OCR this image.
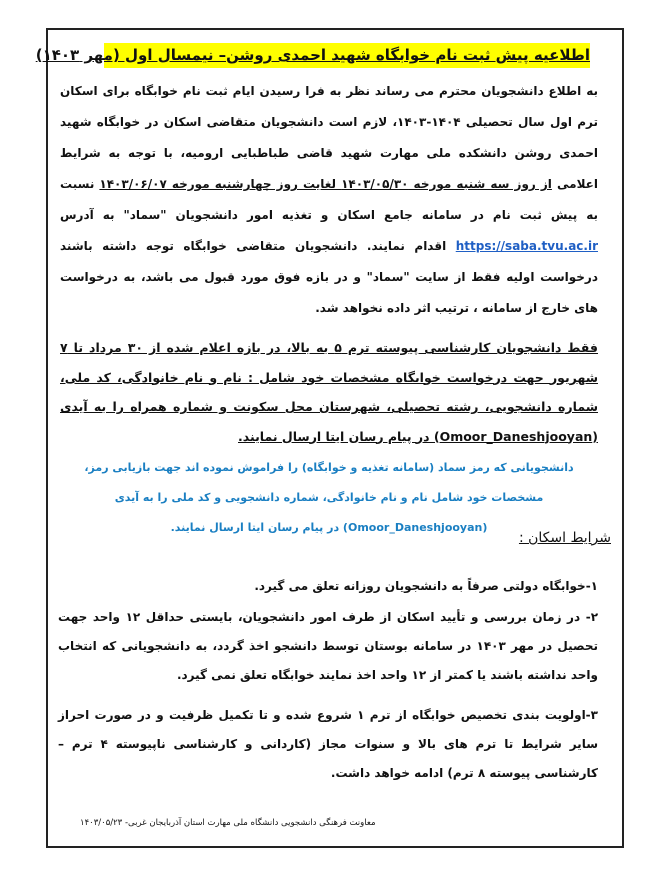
اطلاعیه پیش ثبت نام خوابگاه شهید احمدی روشن– نیمسال اول (مهر ۱۴۰۳)
به اطلاع دانشجویان محترم می رساند نظر به فرا رسیدن ایام ثبت نام خوابگاه برای اسکان ترم اول سال تحصیلی ۱۴۰۴-۱۴۰۳، لازم است دانشجویان متقاضی اسکان در خوابگاه شهید احمدی روشن دانشکده ملی مهارت شهید قاضی طباطبایی ارومیه، با توجه به شرایط اعلامی از روز سه شنبه مورخه ۱۴۰۳/۰۵/۳۰ لغایت روز چهارشنبه مورخه ۱۴۰۳/۰۶/۰۷ نسبت به پیش ثبت نام در سامانه جامع اسکان و تغذیه امور دانشجویان "سماد" به آدرس https://saba.tvu.ac.ir اقدام نمایند. دانشجویان متقاضی خوابگاه توجه داشته باشند درخواست اولیه فقط از سایت "سماد" و در بازه فوق مورد قبول می باشد، به درخواست های خارج از سامانه ، ترتیب اثر داده نخواهد شد.
فقط دانشجویان کارشناسی پیوسته ترم ۵ به بالا، در بازه اعلام شده از ۳۰ مرداد تا ۷ شهریور جهت درخواست خوابگاه مشخصات خود شامل : نام و نام خانوادگی، کد ملی، شماره دانشجویی، رشته تحصیلی، شهرستان محل سکونت و شماره همراه را به آیدی (Omoor_Daneshjooyan) در پیام رسان ایتا ارسال نمایند.
دانشجویانی که رمز سماد (سامانه تغذیه و خوابگاه) را فراموش نموده اند جهت بازیابی رمز، مشخصات خود شامل نام و نام خانوادگی، شماره دانشجویی و کد ملی را به آیدی (Omoor_Daneshjooyan) در پیام رسان ایتا ارسال نمایند.
شرایط اسکان :
۱-خوابگاه دولتی صرفاً به دانشجویان روزانه تعلق می گیرد.
۲- در زمان بررسی و تأیید اسکان از طرف امور دانشجویان، بایستی حداقل ۱۲ واحد جهت تحصیل در مهر ۱۴۰۳ در سامانه بوستان توسط دانشجو اخذ گردد، به دانشجویانی که انتخاب واحد نداشته باشند یا کمتر از ۱۲ واحد اخذ نمایند خوابگاه تعلق نمی گیرد.
۳-اولویت بندی تخصیص خوابگاه از ترم ۱ شروع شده و تا تکمیل ظرفیت و در صورت احراز سایر شرایط تا ترم های بالا و سنوات مجاز (کاردانی و کارشناسی ناپیوسته ۴ ترم – کارشناسی پیوسته ۸ ترم) ادامه خواهد داشت.
معاونت فرهنگی دانشجویی دانشگاه ملی مهارت استان آذربایجان غربی- ۱۴۰۳/۰۵/۲۳
